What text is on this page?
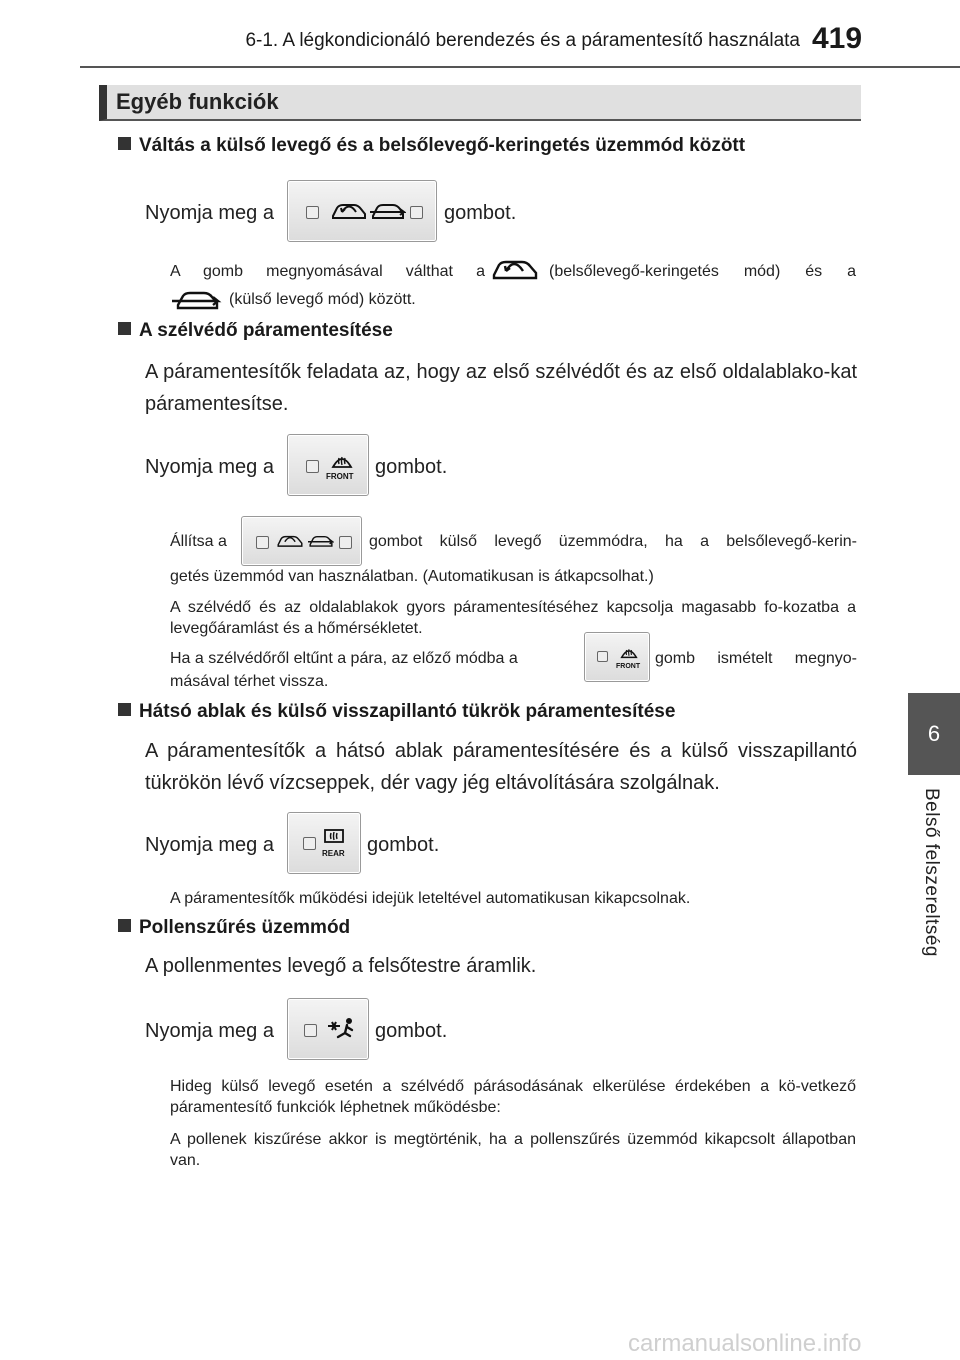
6-1. A légkondicionáló berendezés és a páramentesítő használata 419
6
Belső felszereltség
Egyéb funkciók
Váltás a külső levegő és a belsőlevegő-keringetés üzemmód között
Nyomja meg a	gombot.
A gomb megnyomásával válthat a	(belsőlevegő-keringetés mód) és a
(külső levegő mód) között.
A szélvédő páramentesítése
A páramentesítők feladata az, hogy az első szélvédőt és az első oldalablako-kat páramentesítse.
Nyomja meg a	FRONT gombot.
Állítsa a	gombot külső levegő üzemmódra, ha a belsőlevegő-kerin-
getés üzemmód van használatban. (Automatikusan is átkapcsolhat.)
A szélvédő és az oldalablakok gyors páramentesítéséhez kapcsolja magasabb fo-kozatba a levegőáramlást és a hőmérsékletet.
Ha a szélvédőről eltűnt a pára, az előző módba a	FRONT gomb ismételt megnyo-
másával térhet vissza.
Hátsó ablak és külső visszapillantó tükrök páramentesítése
A páramentesítők a hátsó ablak páramentesítésére és a külső visszapillantó tükrökön lévő vízcseppek, dér vagy jég eltávolítására szolgálnak.
Nyomja meg a	REAR gombot.
A páramentesítők működési idejük leteltével automatikusan kikapcsolnak.
Pollenszűrés üzemmód
A pollenmentes levegő a felsőtestre áramlik.
Nyomja meg a	gombot.
Hideg külső levegő esetén a szélvédő párásodásának elkerülése érdekében a kö-vetkező páramentesítő funkciók léphetnek működésbe:
A pollenek kiszűrése akkor is megtörténik, ha a pollenszűrés üzemmód kikapcsolt állapotban van.
carmanualsonline.info
